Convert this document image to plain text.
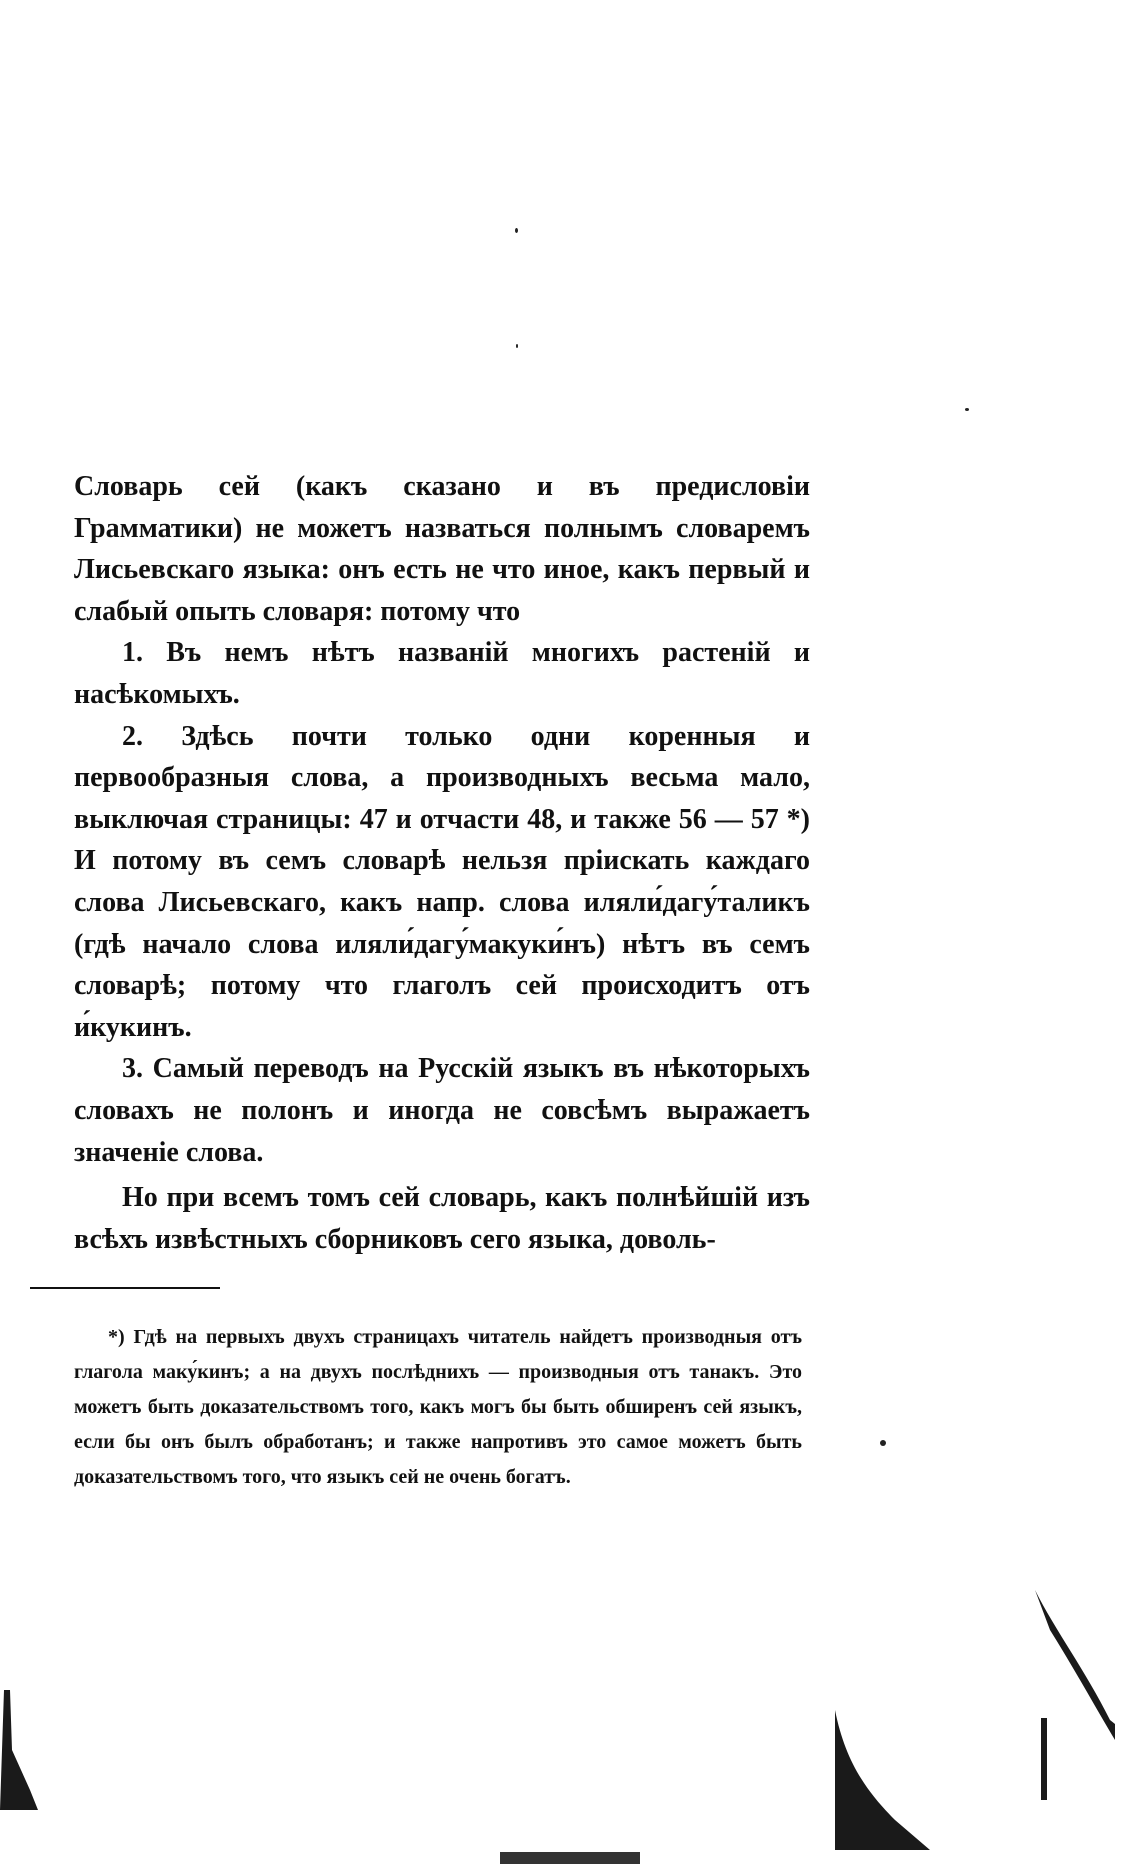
Словарь сей (какъ сказано и въ предисловіи Грамматики) не можетъ назваться полнымъ словаремъ Лисьевскаго языка: онъ есть не что иное, какъ первый и слабый опыть словаря: потому что

1. Въ немъ нѣтъ названій многихъ растеній и насѣкомыхъ.

2. Здѣсь почти только одни коренныя и первообразныя слова, а производныхъ весьма мало, выключая страницы: 47 и отчасти 48, и также 56 — 57 *) И потому въ семъ словарѣ нельзя пріискать каждаго слова Лисьевскаго, какъ напр. слова иляли́дагу́таликъ (гдѣ начало слова иляли́дагу́макуки́нъ) нѣтъ въ семъ словарѣ; потому что глаголъ сей происходитъ отъ и́кукинъ.

3. Самый переводъ на Русскій языкъ въ нѣкоторыхъ словахъ не полонъ и иногда не совсѣмъ выражаетъ значеніе слова.

Но при всемъ томъ сей словарь, какъ полнѣйшій изъ всѣхъ извѣстныхъ сборниковъ сего языка, доволь-

*) Гдѣ на первыхъ двухъ страницахъ читатель найдетъ производныя отъ глагола маку́кинъ; а на двухъ послѣднихъ — производныя отъ танакъ. Это можетъ быть доказательствомъ того, какъ могъ бы быть обширенъ сей языкъ, если бы онъ былъ обработанъ; и также напротивъ это самое можетъ быть доказательствомъ того, что языкъ сей не очень богатъ.
